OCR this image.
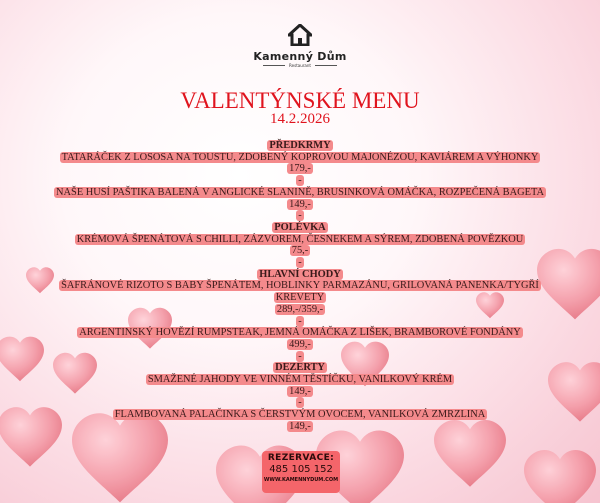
Kamenný Dům
Restaurant
VALENTÝNSKÉ MENU
14.2.2026
PŘEDKRMY
TATARÁČEK Z LOSOSA NA TOUSTU, ZDOBENÝ KOPROVOU MAJONÉZOU, KAVIÁREM A VÝHONKY
179,-
-
NAŠE HUSÍ PAŠTIKA BALENÁ V ANGLICKÉ SLANINĚ, BRUSINKOVÁ OMÁČKA, ROZPEČENÁ BAGETA
149,-
-
POLÉVKA
KRÉMOVÁ ŠPENÁTOVÁ S CHILLI, ZÁZVOREM, ČESNEKEM A SÝREM, ZDOBENÁ POVĚZKOU
75,-
-
HLAVNÍ CHODY
ŠAFRÁNOVÉ RIZOTO S BABY ŠPENÁTEM, HOBLINKY PARMAZÁNU, GRILOVANÁ PANENKA/TYGŘÍ
KREVETY
289,-/359,-
-
ARGENTINSKÝ HOVĚZÍ RUMPSTEAK, JEMNÁ OMÁČKA Z LIŠEK, BRAMBOROVÉ FONDÁNY
499,-
-
DEZERTY
SMAŽENÉ JAHODY VE VINNÉM TĚSTÍČKU, VANILKOVÝ KRÉM
149,-
-
FLAMBOVANÁ PALAČINKA S ČERSTVÝM OVOCEM, VANILKOVÁ ZMRZLINA
149,-
REZERVACE:
485 105 152
WWW.KAMENNYDUM.COM
